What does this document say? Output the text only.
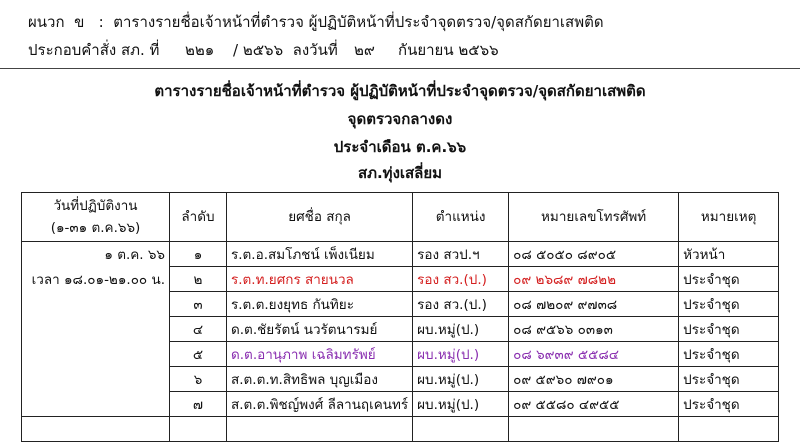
ผนวก  ข   :  ตารางรายชื่อเจ้าหน้าที่ตำรวจ ผู้ปฏิบัติหน้าที่ประจำจุดตรวจ/จุดสกัดยาเสพติด

ประกอบคำสั่ง สภ. ที่

๒๒๑

/ ๒๕๖๖  ลงวันที่

๒๙

กันยายน ๒๕๖๖

ตารางรายชื่อเจ้าหน้าที่ตำรวจ ผู้ปฏิบัติหน้าที่ประจำจุดตรวจ/จุดสกัดยาเสพติด
จุดตรวจกลางดง
ประจำเดือน ต.ค.๖๖
สภ.ทุ่งเสลี่ยม
วันที่ปฏิบัติงาน
(๑-๓๑ ต.ค.๖๖)	ลำดับ	ยศชื่อ สกุล	ตำแหน่ง	หมายเลขโทรศัพท์	หมายเหตุ
๑ ต.ค. ๖๖	๑	ร.ต.อ.สมโภชน์ เพ็งเนียม	รอง สวป.ฯ	๐๘ ๕๐๕๐ ๘๙๐๕	หัวหน้า
เวลา ๑๘.๐๑-๒๑.๐๐ น.	๒	ร.ต.ท.ยศกร สายนวล	รอง สว.(ป.)	๐๙ ๒๖๘๙ ๗๘๒๒	ประจำชุด
	๓	ร.ต.ต.ยงยุทธ กันทิยะ	รอง สว.(ป.)	๐๘ ๗๒๐๙ ๙๗๓๘	ประจำชุด
	๔	ด.ต.ชัยรัตน์ นวรัตนารมย์	ผบ.หมู่(ป.)	๐๘ ๙๕๖๖ ๐๓๑๓	ประจำชุด
	๕	ด.ต.อานุภาพ เฉลิมทรัพย์	ผบ.หมู่(ป.)	๐๘ ๖๙๓๙ ๕๕๘๔	ประจำชุด
	๖	ส.ต.ต.ท.สิทธิพล บุญเมือง	ผบ.หมู่(ป.)	๐๙ ๕๙๖๐ ๗๙๐๑	ประจำชุด
	๗	ส.ต.ต.พิชญ์พงศ์ ลีลานฤเคนทร์	ผบ.หมู่(ป.)	๐๙ ๕๕๘๐ ๔๙๕๕	ประจำชุด
